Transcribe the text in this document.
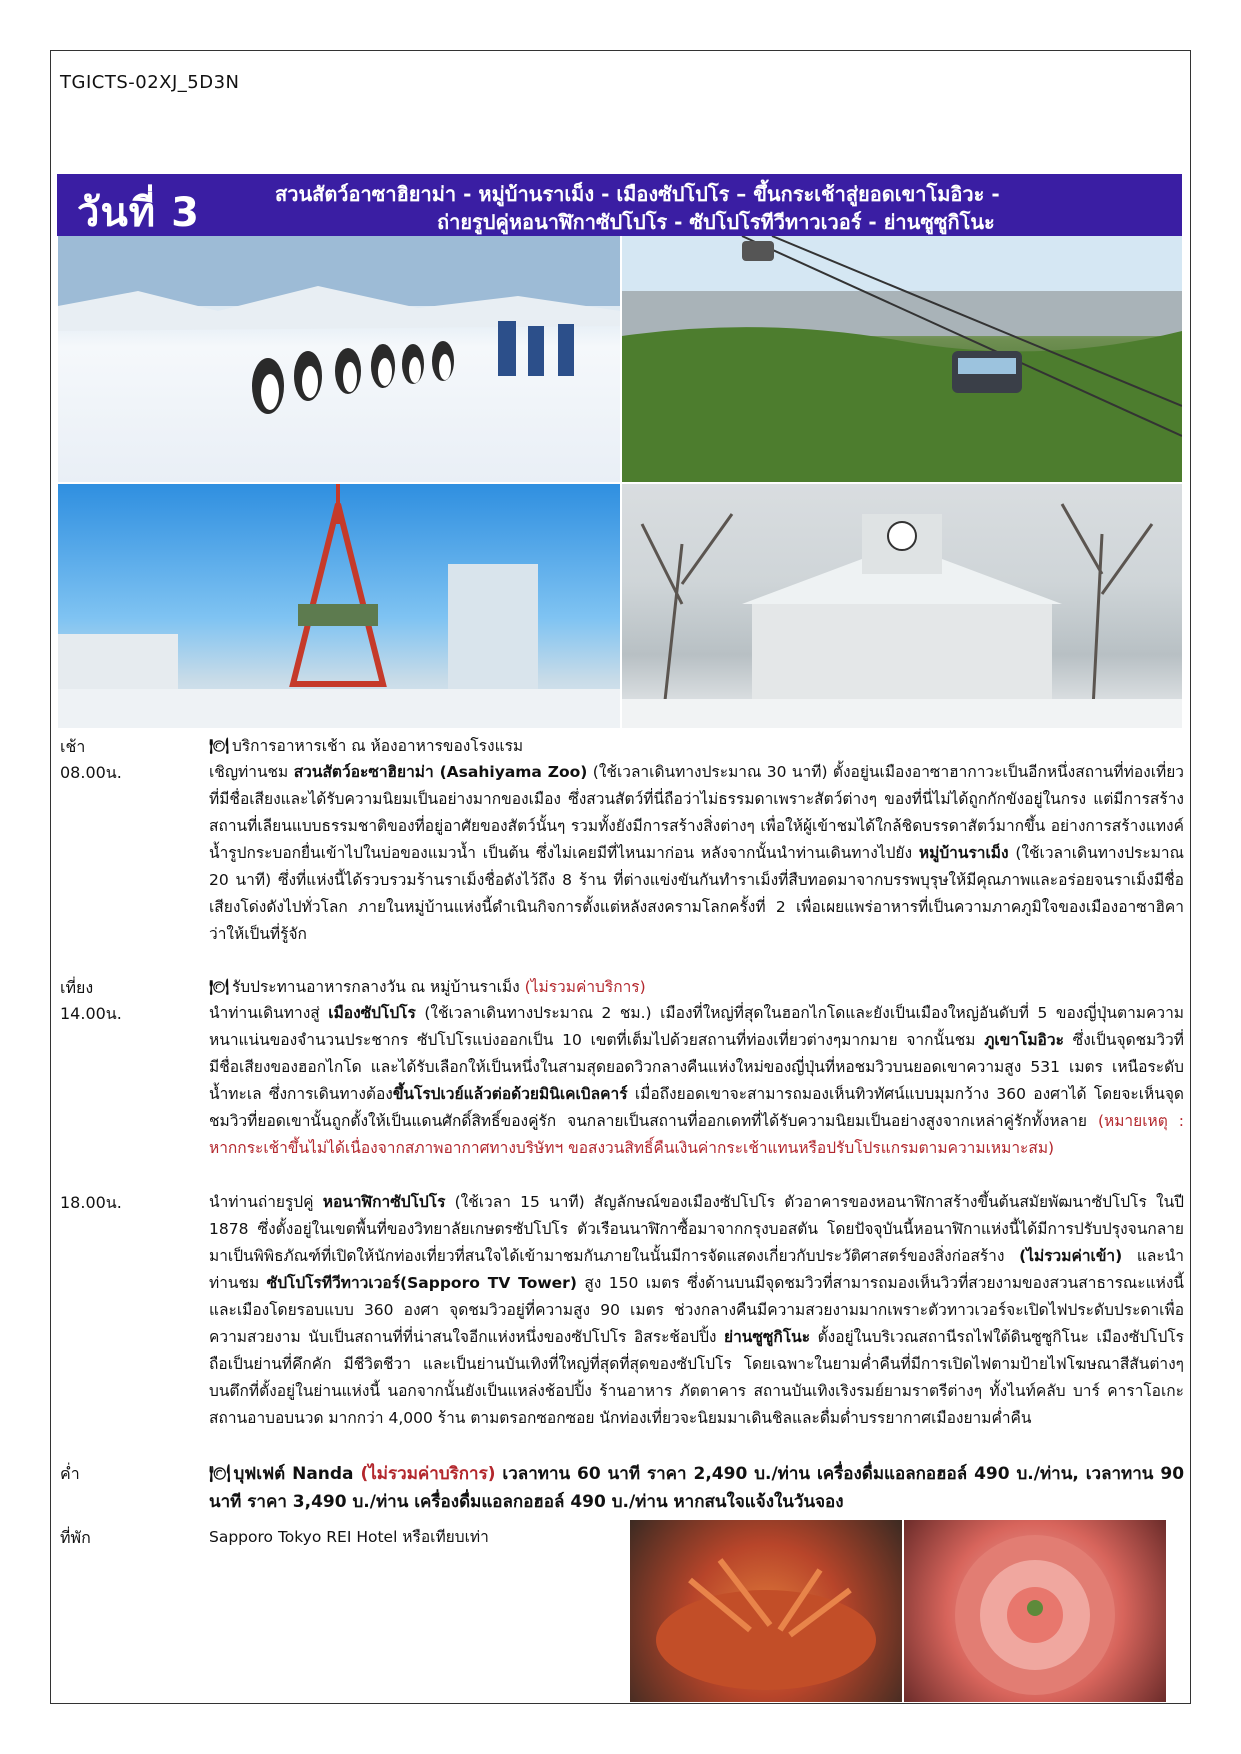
TGICTS-02XJ_5D3N
วันที่ 3	สวนสัตว์อาซาฮิยาม่า - หมู่บ้านราเม็ง - เมืองซัปโปโร – ขึ้นกระเช้าสู่ยอดเขาโมอิวะ -
ถ่ายรูปคู่หอนาฬิกาซัปโปโร - ซัปโปโรทีวีทาวเวอร์ - ย่านซูซูกิโนะ
เช้า	🍽︎ บริการอาหารเช้า ณ ห้องอาหารของโรงแรม
08.00น.	เชิญท่านชม สวนสัตว์อะซาฮิยาม่า (Asahiyama Zoo) (ใช้เวลาเดินทางประมาณ 30 นาที) ตั้งอยู่นเมืองอาซาฮากาวะเป็นอีกหนึ่งสถานที่ท่องเที่ยวที่มีชื่อเสียงและได้รับความนิยมเป็นอย่างมากของเมือง ซึ่งสวนสัตว์ที่นี่ถือว่าไม่ธรรมดาเพราะสัตว์ต่างๆ ของที่นี่ไม่ได้ถูกกักขังอยู่ในกรง แต่มีการสร้างสถานที่เลียนแบบธรรมชาติของที่อยู่อาศัยของสัตว์นั้นๆ รวมทั้งยังมีการสร้างสิ่งต่างๆ เพื่อให้ผู้เข้าชมได้ใกล้ชิดบรรดาสัตว์มากขึ้น อย่างการสร้างแทงค์น้ำรูปกระบอกยื่นเข้าไปในบ่อของแมวน้ำ เป็นต้น ซึ่งไม่เคยมีที่ไหนมาก่อน หลังจากนั้นนำท่านเดินทางไปยัง หมู่บ้านราเม็ง (ใช้เวลาเดินทางประมาณ 20 นาที) ซึ่งที่แห่งนี้ได้รวบรวมร้านราเม็งชื่อดังไว้ถึง 8 ร้าน ที่ต่างแข่งขันกันทำราเม็งที่สืบทอดมาจากบรรพบุรุษให้มีคุณภาพและอร่อยจนราเม็งมีชื่อเสียงโด่งดังไปทั่วโลก ภายในหมู่บ้านแห่งนี้ดำเนินกิจการตั้งแต่หลังสงครามโลกครั้งที่ 2 เพื่อเผยแพร่อาหารที่เป็นความภาคภูมิใจของเมืองอาซาฮิคาว่าให้เป็นที่รู้จัก
เที่ยง	🍽︎ รับประทานอาหารกลางวัน ณ หมู่บ้านราเม็ง (ไม่รวมค่าบริการ)
14.00น.	นำท่านเดินทางสู่ เมืองซัปโปโร (ใช้เวลาเดินทางประมาณ 2 ชม.) เมืองที่ใหญ่ที่สุดในฮอกไกโดและยังเป็นเมืองใหญ่อันดับที่ 5 ของญี่ปุ่นตามความหนาแน่นของจำนวนประชากร ซัปโปโรแบ่งออกเป็น 10 เขตที่เต็มไปด้วยสถานที่ท่องเที่ยวต่างๆมากมาย จากนั้นชม ภูเขาโมอิวะ ซึ่งเป็นจุดชมวิวที่มีชื่อเสียงของฮอกไกโด และได้รับเลือกให้เป็นหนึ่งในสามสุดยอดวิวกลางคืนแห่งใหม่ของญี่ปุ่นที่หอชมวิวบนยอดเขาความสูง 531 เมตร เหนือระดับน้ำทะเล ซึ่งการเดินทางต้องขึ้นโรปเวย์แล้วต่อด้วยมินิเคเบิลคาร์ เมื่อถึงยอดเขาจะสามารถมองเห็นทิวทัศน์แบบมุมกว้าง 360 องศาได้ โดยจะเห็นจุดชมวิวที่ยอดเขานั้นถูกตั้งให้เป็นแดนศักดิ์สิทธิ์ของคู่รัก จนกลายเป็นสถานที่ออกเดทที่ได้รับความนิยมเป็นอย่างสูงจากเหล่าคู่รักทั้งหลาย (หมายเหตุ : หากกระเช้าขึ้นไม่ได้เนื่องจากสภาพอากาศทางบริษัทฯ ขอสงวนสิทธิ์คืนเงินค่ากระเช้าแทนหรือปรับโปรแกรมตามความเหมาะสม)
18.00น.	นำท่านถ่ายรูปคู่ หอนาฬิกาซัปโปโร (ใช้เวลา 15 นาที) สัญลักษณ์ของเมืองซัปโปโร ตัวอาคารของหอนาฬิกาสร้างขึ้นต้นสมัยพัฒนาซัปโปโร ในปี 1878 ซึ่งตั้งอยู่ในเขตพื้นที่ของวิทยาลัยเกษตรซัปโปโร ตัวเรือนนาฬิกาซื้อมาจากกรุงบอสตัน โดยปัจจุบันนี้หอนาฬิกาแห่งนี้ได้มีการปรับปรุงจนกลายมาเป็นพิพิธภัณฑ์ที่เปิดให้นักท่องเที่ยวที่สนใจได้เข้ามาชมกันภายในนั้นมีการจัดแสดงเกี่ยวกับประวัติศาสตร์ของสิ่งก่อสร้าง (ไม่รวมค่าเข้า) และนำท่านชม ซัปโปโรทีวีทาวเวอร์(Sapporo TV Tower) สูง 150 เมตร ซึ่งด้านบนมีจุดชมวิวที่สามารถมองเห็นวิวที่สวยงามของสวนสาธารณะแห่งนี้และเมืองโดยรอบแบบ 360 องศา จุดชมวิวอยู่ที่ความสูง 90 เมตร ช่วงกลางคืนมีความสวยงามมากเพราะตัวทาวเวอร์จะเปิดไฟประดับประดาเพื่อความสวยงาม นับเป็นสถานที่ที่น่าสนใจอีกแห่งหนึ่งของซัปโปโร อิสระช้อปปิ้ง ย่านซูซูกิโนะ ตั้งอยู่ในบริเวณสถานีรถไฟใต้ดินซูซูกิโนะ เมืองซัปโปโร ถือเป็นย่านที่คึกคัก มีชีวิตชีวา และเป็นย่านบันเทิงที่ใหญ่ที่สุดที่สุดของซัปโปโร โดยเฉพาะในยามค่ำคืนที่มีการเปิดไฟตามป้ายไฟโฆษณาสีสันต่างๆ บนตึกที่ตั้งอยู่ในย่านแห่งนี้ นอกจากนั้นยังเป็นแหล่งช้อปปิ้ง ร้านอาหาร ภัตตาคาร สถานบันเทิงเริงรมย์ยามราตรีต่างๆ ทั้งไนท์คลับ บาร์ คาราโอเกะ สถานอาบอบนวด มากกว่า 4,000 ร้าน ตามตรอกซอกซอย นักท่องเที่ยวจะนิยมมาเดินชิลและดื่มด่ำบรรยากาศเมืองยามค่ำคืน
ค่ำ	🍽︎ บุฟเฟต์ Nanda (ไม่รวมค่าบริการ) เวลาทาน 60 นาที ราคา 2,490 บ./ท่าน เครื่องดื่มแอลกอฮอล์ 490 บ./ท่าน, เวลาทาน 90 นาที ราคา 3,490 บ./ท่าน เครื่องดื่มแอลกอฮอล์ 490 บ./ท่าน หากสนใจแจ้งในวันจอง
ที่พัก	Sapporo Tokyo REI Hotel หรือเทียบเท่า
